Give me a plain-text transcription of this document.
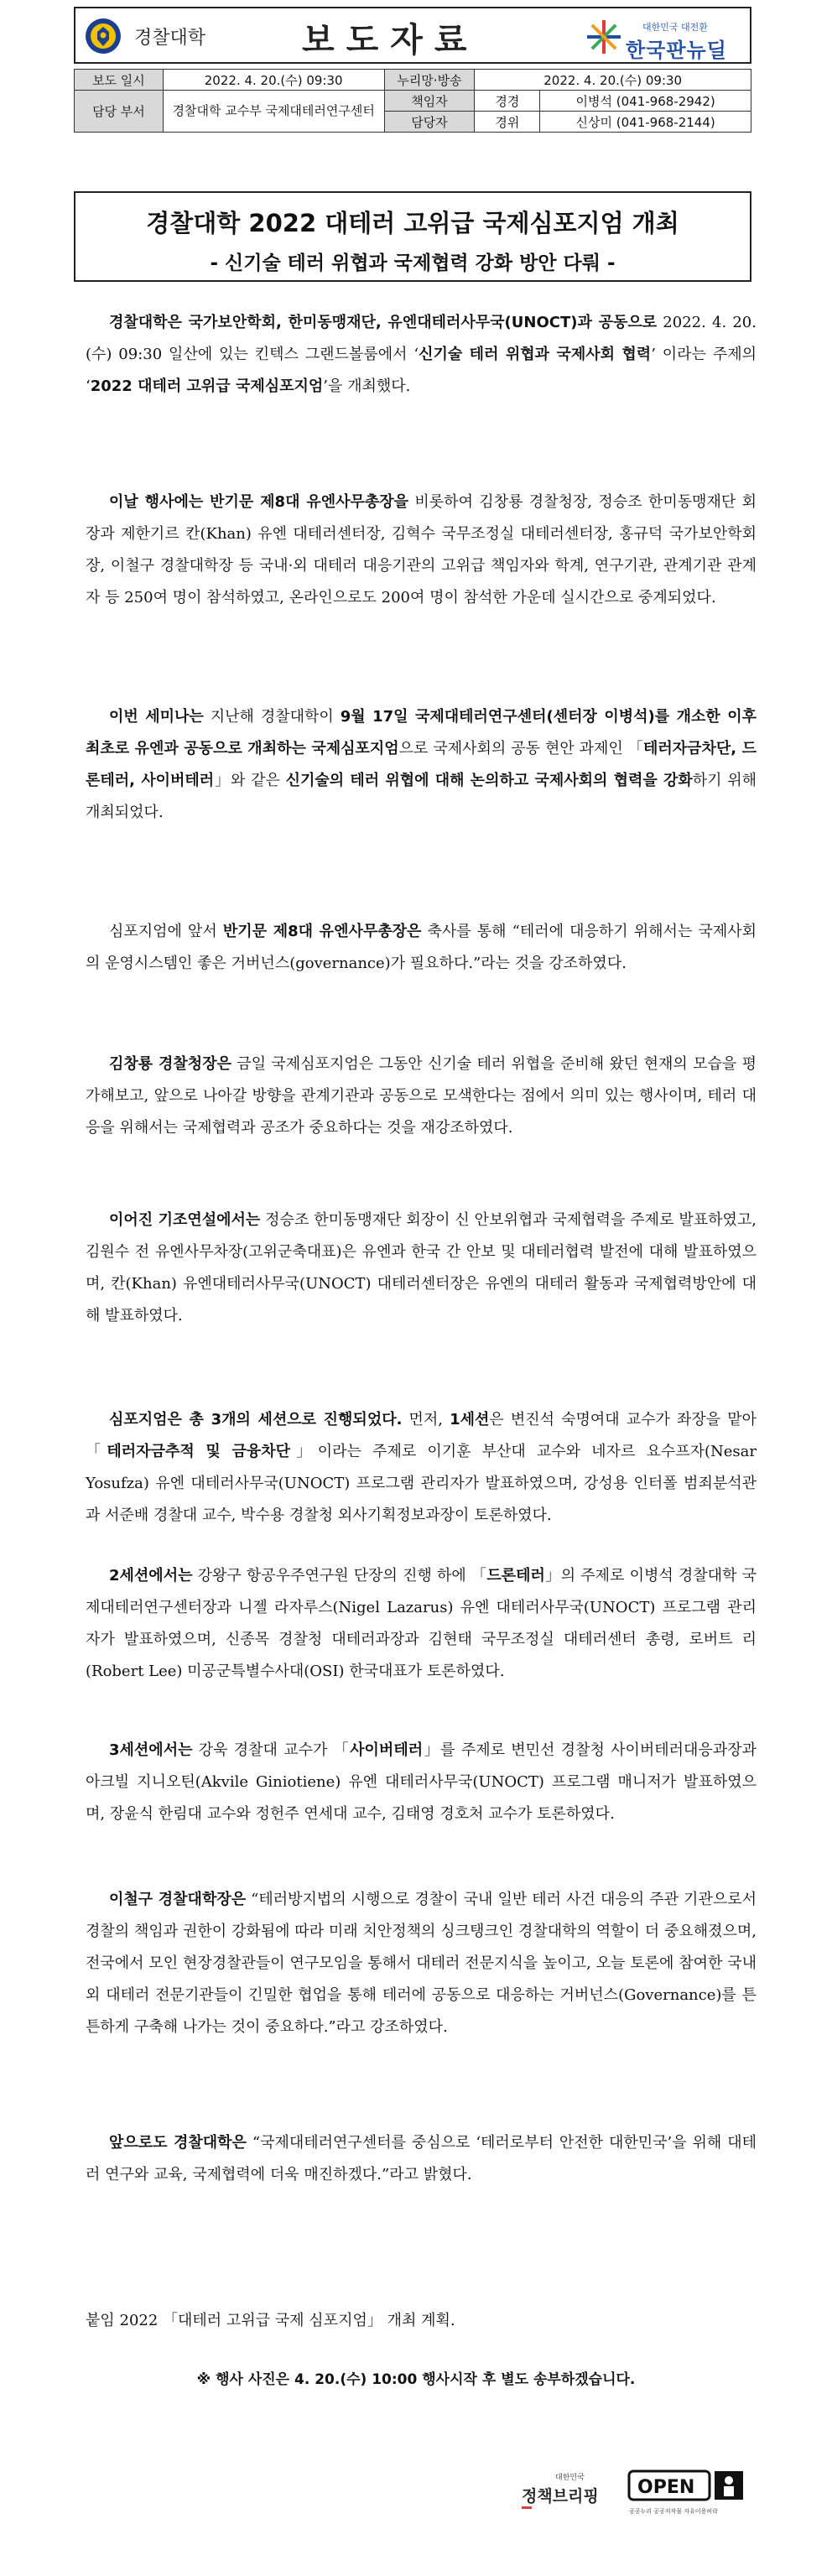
경찰대학	보도자료	대한민국 대전환
한국판뉴딜
보도 일시	2022. 4. 20.(수) 09:30	누리망·방송	2022. 4. 20.(수) 09:30	
담당 부서	경찰대학 교수부 국제대테러연구센터	책임자	경경	이병석 (041-968-2942)
		담당자	경위	신상미 (041-968-2144)
경찰대학 2022 대테러 고위급 국제심포지엄 개최
- 신기술 테러 위협과 국제협력 강화 방안 다뤄 -

경찰대학은 국가보안학회, 한미동맹재단, 유엔대테러사무국(UNOCT)과 공동으로 2022. 4. 20.(수) 09:30 일산에 있는 킨텍스 그랜드볼룸에서 ‘신기술 테러 위협과 국제사회 협력’ 이라는 주제의 ‘2022 대테러 고위급 국제심포지엄’을 개최했다.

이날 행사에는 반기문 제8대 유엔사무총장을 비롯하여 김창룡 경찰청장, 정승조 한미동맹재단 회장과 제한기르 칸(Khan) 유엔 대테러센터장, 김혁수 국무조정실 대테러센터장, 홍규덕 국가보안학회장, 이철구 경찰대학장 등 국내·외 대테러 대응기관의 고위급 책임자와 학계, 연구기관, 관계기관 관계자 등 250여 명이 참석하였고, 온라인으로도 200여 명이 참석한 가운데 실시간으로 중계되었다.

이번 세미나는 지난해 경찰대학이 9월 17일 국제대테러연구센터(센터장 이병석)를 개소한 이후 최초로 유엔과 공동으로 개최하는 국제심포지엄으로 국제사회의 공동 현안 과제인 「테러자금차단, 드론테러, 사이버테러」와 같은 신기술의 테러 위협에 대해 논의하고 국제사회의 협력을 강화하기 위해 개최되었다.

심포지엄에 앞서 반기문 제8대 유엔사무총장은 축사를 통해 “테러에 대응하기 위해서는 국제사회의 운영시스템인 좋은 거버넌스(governance)가 필요하다.”라는 것을 강조하였다.

김창룡 경찰청장은 금일 국제심포지엄은 그동안 신기술 테러 위협을 준비해 왔던 현재의 모습을 평가해보고, 앞으로 나아갈 방향을 관계기관과 공동으로 모색한다는 점에서 의미 있는 행사이며, 테러 대응을 위해서는 국제협력과 공조가 중요하다는 것을 재강조하였다.

이어진 기조연설에서는 정승조 한미동맹재단 회장이 신 안보위협과 국제협력을 주제로 발표하였고, 김원수 전 유엔사무차장(고위군축대표)은 유엔과 한국 간 안보 및 대테러협력 발전에 대해 발표하였으며, 칸(Khan) 유엔대테러사무국(UNOCT) 대테러센터장은 유엔의 대테러 활동과 국제협력방안에 대해 발표하였다.

심포지엄은 총 3개의 세션으로 진행되었다. 먼저, 1세션은 변진석 숙명여대 교수가 좌장을 맡아 「테러자금추적 및 금융차단」이라는 주제로 이기훈 부산대 교수와 네자르 요수프자(Nesar Yosufza) 유엔 대테러사무국(UNOCT) 프로그램 관리자가 발표하였으며, 강성용 인터폴 범죄분석관과 서준배 경찰대 교수, 박수용 경찰청 외사기획정보과장이 토론하였다.

2세션에서는 강왕구 항공우주연구원 단장의 진행 하에 「드론테러」의 주제로 이병석 경찰대학 국제대테러연구센터장과 니젤 라자루스(Nigel Lazarus) 유엔 대테러사무국(UNOCT) 프로그램 관리자가 발표하였으며, 신종목 경찰청 대테러과장과 김현태 국무조정실 대테러센터 총령, 로버트 리(Robert Lee) 미공군특별수사대(OSI) 한국대표가 토론하였다.

3세션에서는 강욱 경찰대 교수가 「사이버테러」를 주제로 변민선 경찰청 사이버테러대응과장과 아크빌 지니오틴(Akvile Giniotiene) 유엔 대테러사무국(UNOCT) 프로그램 매니저가 발표하였으며, 장윤식 한림대 교수와 정헌주 연세대 교수, 김태영 경호처 교수가 토론하였다.

이철구 경찰대학장은 “테러방지법의 시행으로 경찰이 국내 일반 테러 사건 대응의 주관 기관으로서 경찰의 책임과 권한이 강화됨에 따라 미래 치안정책의 싱크탱크인 경찰대학의 역할이 더 중요해졌으며, 전국에서 모인 현장경찰관들이 연구모임을 통해서 대테러 전문지식을 높이고, 오늘 토론에 참여한 국내외 대테러 전문기관들이 긴밀한 협업을 통해 테러에 공동으로 대응하는 거버넌스(Governance)를 튼튼하게 구축해 나가는 것이 중요하다.”라고 강조하였다.

앞으로도 경찰대학은 “국제대테러연구센터를 중심으로 ‘테러로부터 안전한 대한민국’을 위해 대테러 연구와 교육, 국제협력에 더욱 매진하겠다.”라고 밝혔다.

붙임 2022 「대테러 고위급 국제 심포지엄」 개최 계획.
※ 행사 사진은 4. 20.(수) 10:00 행사시작 후 별도 송부하겠습니다.
대한민국
정책브리핑 OPEN
공공누리 공공저작물 자유이용허락
